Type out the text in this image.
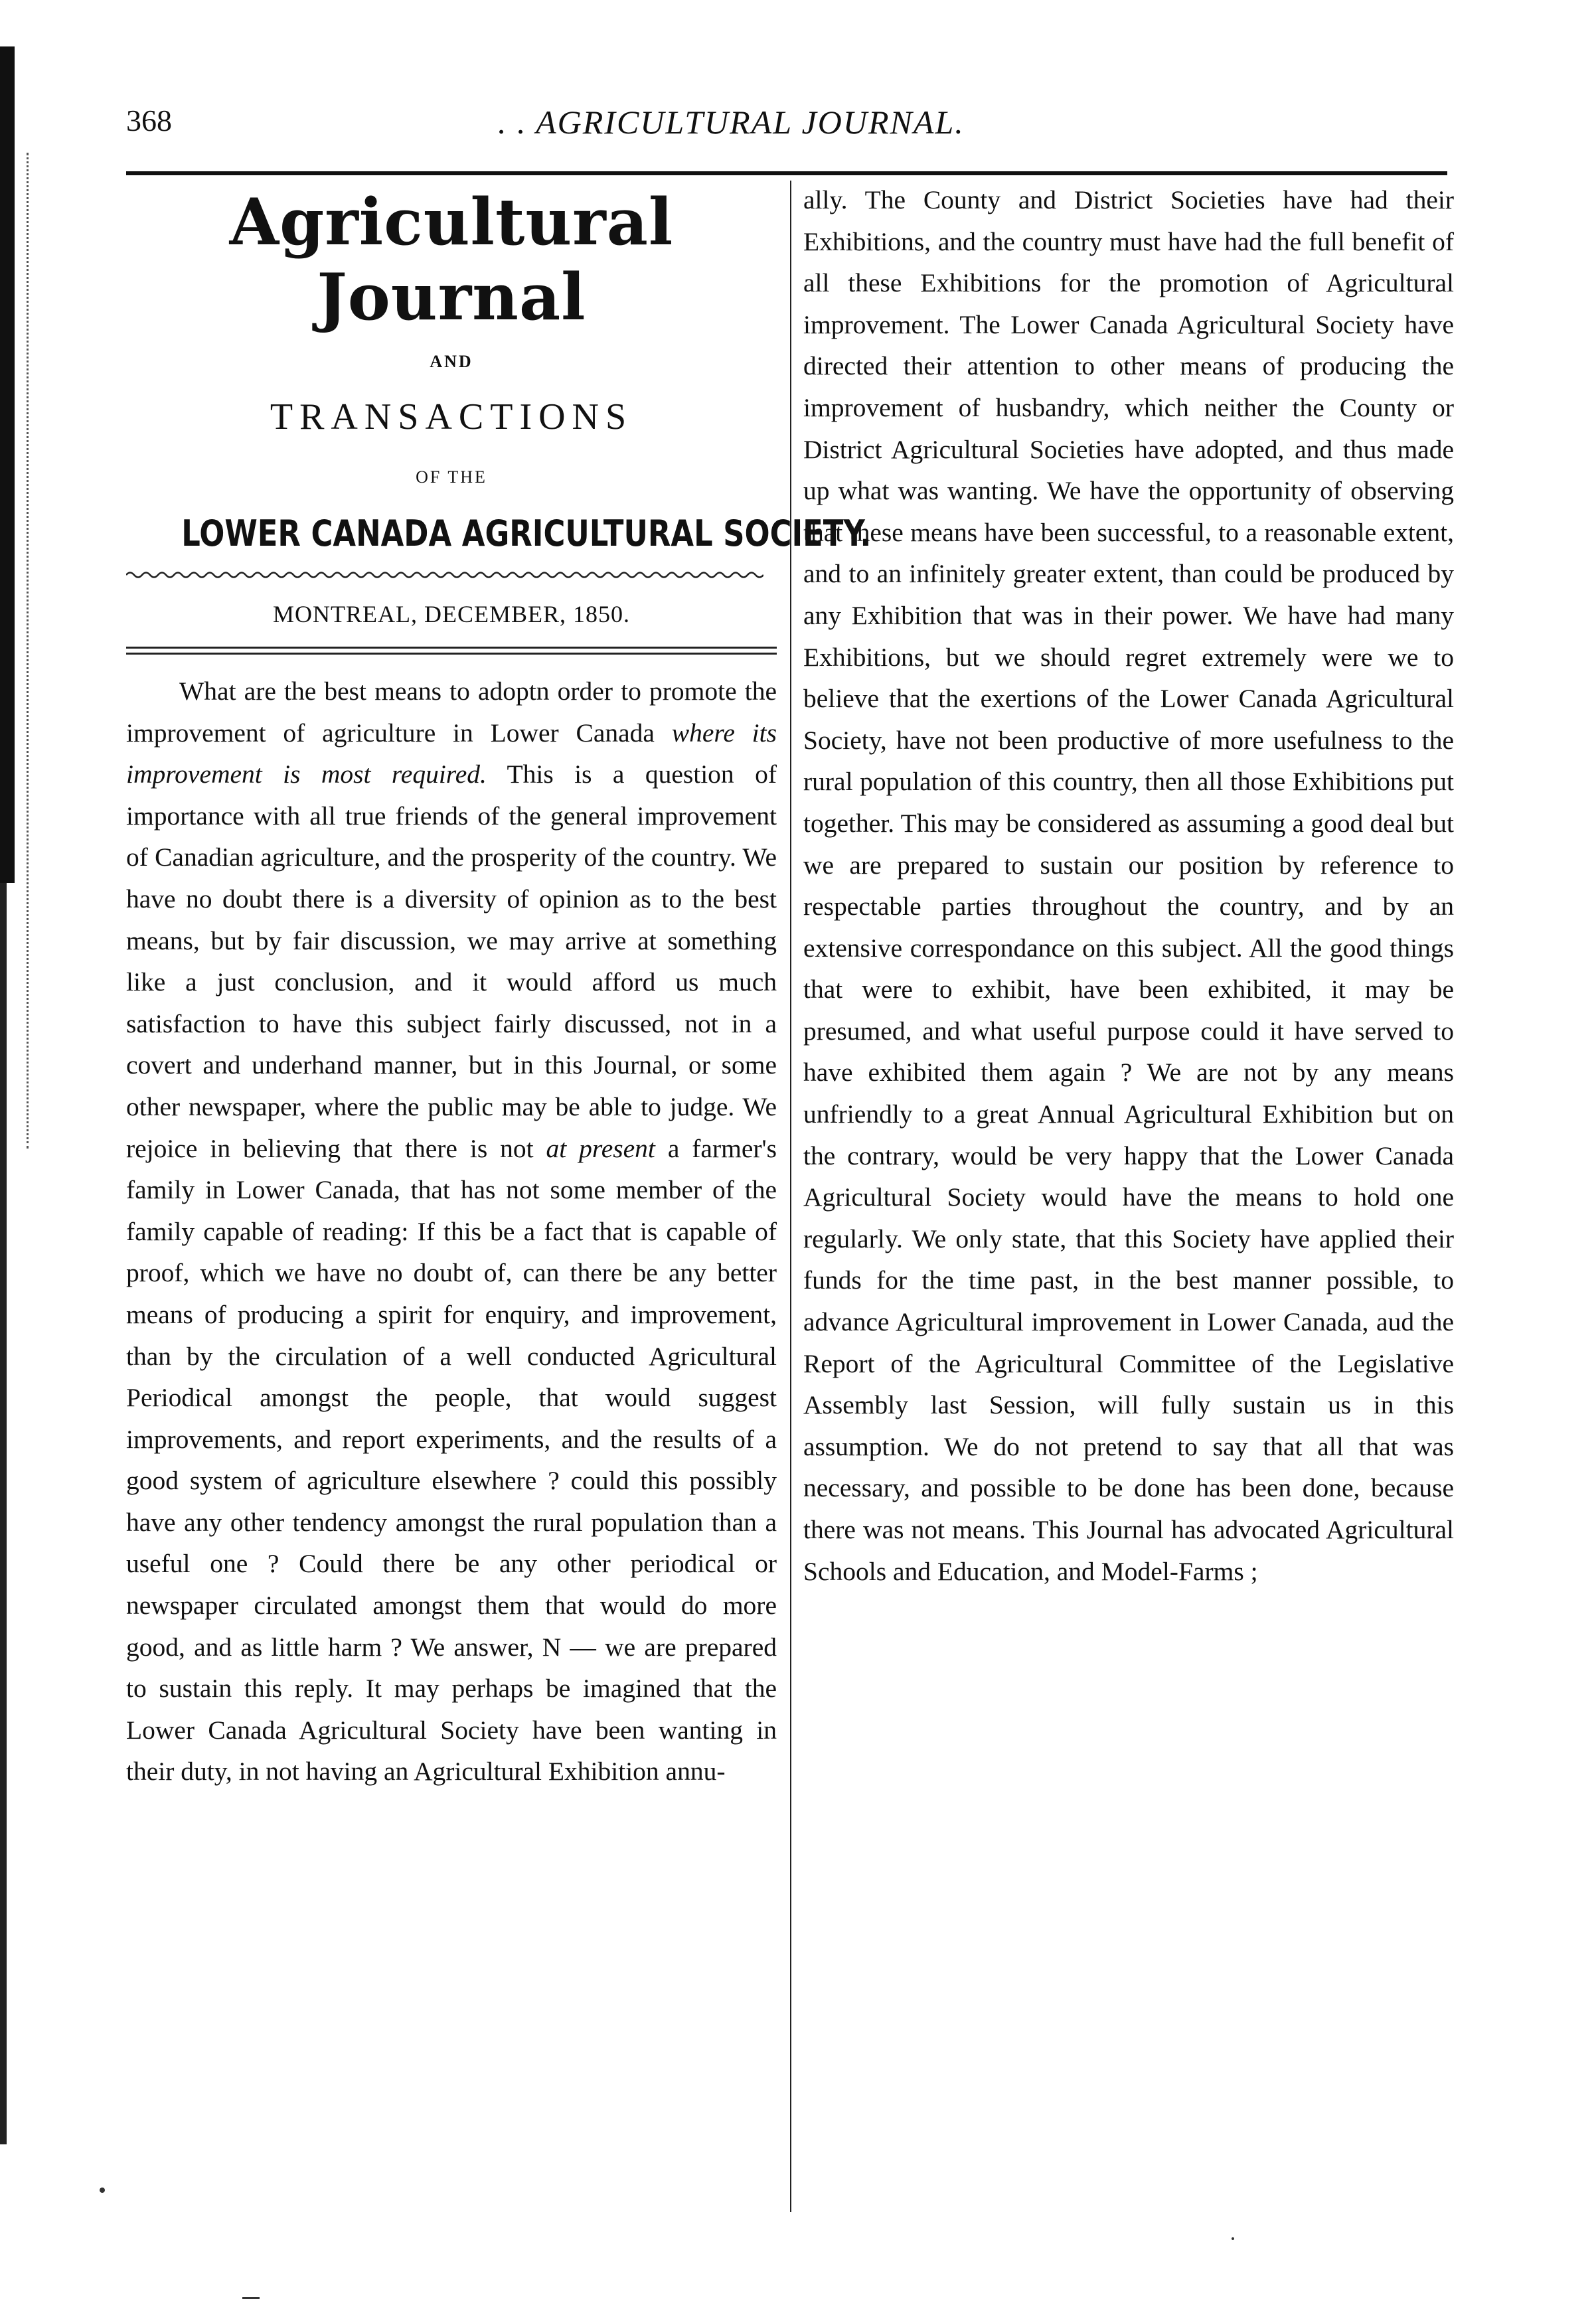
368	. . AGRICULTURAL JOURNAL.
Agricultural Journal
AND
TRANSACTIONS
OF THE
LOWER CANADA AGRICULTURAL SOCIETY.
MONTREAL, DECEMBER, 1850.

What are the best means to adoptn order to promote the improvement of agriculture in Lower Canada where its improvement is most required. This is a question of importance with all true friends of the general improvement of Canadian agriculture, and the prosperity of the country. We have no doubt there is a diversity of opinion as to the best means, but by fair discussion, we may arrive at something like a just conclusion, and it would afford us much satisfaction to have this subject fairly discussed, not in a covert and underhand manner, but in this Journal, or some other newspaper, where the public may be able to judge. We rejoice in believing that there is not at present a farmer's family in Lower Canada, that has not some member of the family capable of reading: If this be a fact that is capable of proof, which we have no doubt of, can there be any better means of producing a spirit for enquiry, and improvement, than by the circulation of a well conducted Agricultural Periodical amongst the people, that would suggest improvements, and report experiments, and the results of a good system of agriculture elsewhere ? could this possibly have any other tendency amongst the rural population than a useful one ? Could there be any other periodical or newspaper circulated amongst them that would do more good, and as little harm ? We answer, N — we are prepared to sustain this reply. It may perhaps be imagined that the Lower Canada Agricultural Society have been wanting in their duty, in not having an Agricultural Exhibition annu-

ally. The County and District Societies have had their Exhibitions, and the country must have had the full benefit of all these Exhibitions for the promotion of Agricultural improvement. The Lower Canada Agricultural Society have directed their attention to other means of producing the improvement of husbandry, which neither the County or District Agricultural Societies have adopted, and thus made up what was wanting. We have the opportunity of observing that these means have been successful, to a reasonable extent, and to an infinitely greater extent, than could be produced by any Exhibition that was in their power. We have had many Exhibitions, but we should regret extremely were we to believe that the exertions of the Lower Canada Agricultural Society, have not been productive of more usefulness to the rural population of this country, then all those Exhibitions put together. This may be considered as assuming a good deal but we are prepared to sustain our position by reference to respectable parties throughout the country, and by an extensive correspondance on this subject. All the good things that were to exhibit, have been exhibited, it may be presumed, and what useful purpose could it have served to have exhibited them again ? We are not by any means unfriendly to a great Annual Agricultural Exhibition but on the contrary, would be very happy that the Lower Canada Agricultural Society would have the means to hold one regularly. We only state, that this Society have applied their funds for the time past, in the best manner possible, to advance Agricultural improvement in Lower Canada, aud the Report of the Agricultural Committee of the Legislative Assembly last Session, will fully sustain us in this assumption. We do not pretend to say that all that was necessary, and possible to be done has been done, because there was not means. This Journal has advocated Agricultural Schools and Education, and Model-Farms ;
